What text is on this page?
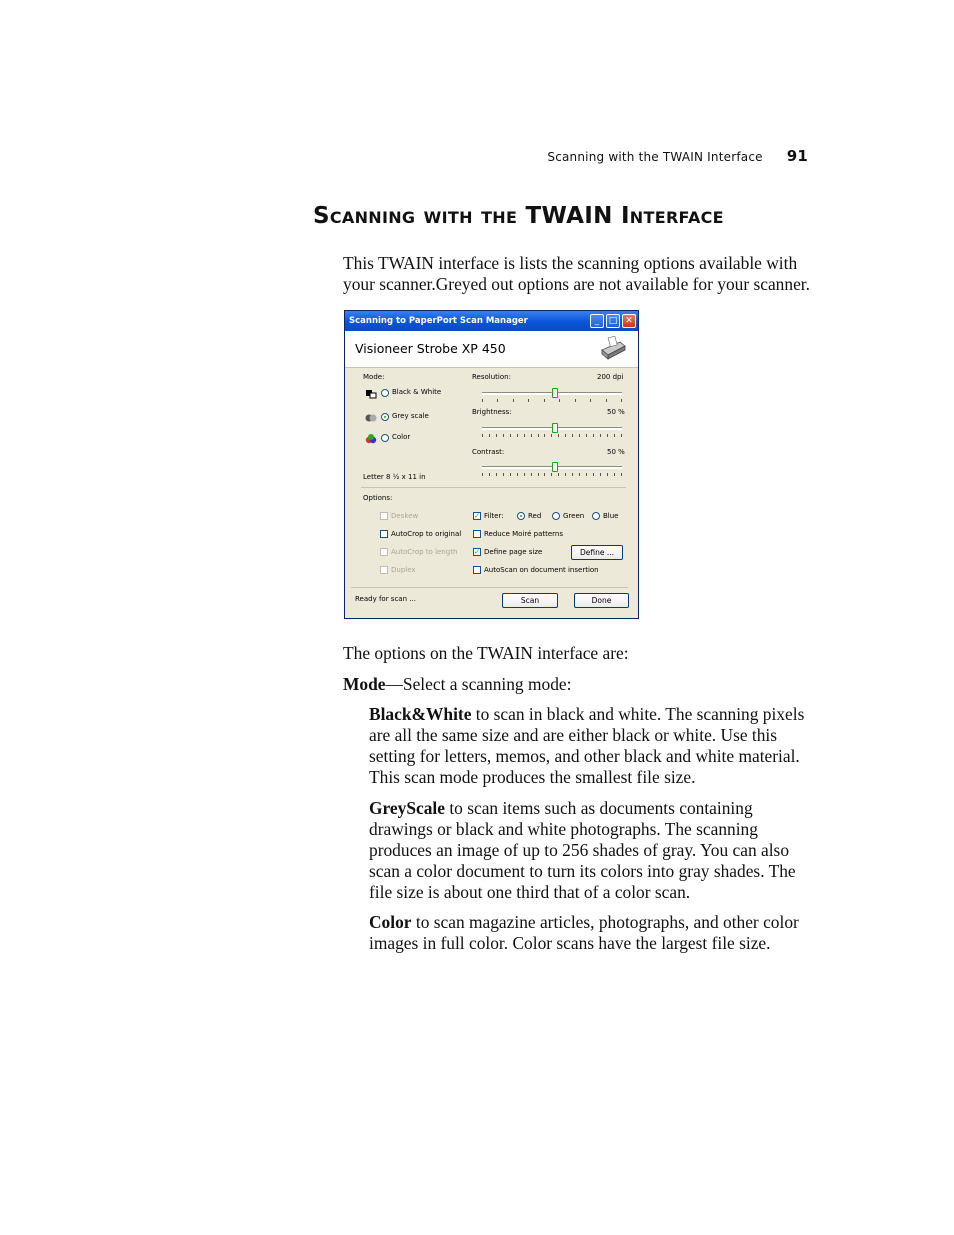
Scanning with the TWAIN Interface 91
Scanning with the TWAIN Interface

This TWAIN interface is lists the scanning options available with your scanner.Greyed out options are not available for your scanner.

Scanning to PaperPort Scan Manager	_	□ ✕
Visioneer Strobe XP 450
Mode:
Black & White
Grey scale
Color
Letter 8 ½ x 11 in
Resolution:	200 dpi
Brightness:	50 %
Contrast:	50 %
Options:
Deskew
AutoCrop to original
AutoCrop to length
Duplex
✓ Filter:	Red	Green	Blue
Reduce Moiré patterns
✓ Define page size	Define ...
AutoScan on document insertion
Ready for scan ...	Scan	Done

The options on the TWAIN interface are:

Mode—Select a scanning mode:

Black&White to scan in black and white. The scanning pixels are all the same size and are either black or white. Use this setting for letters, memos, and other black and white material. This scan mode produces the smallest file size.

GreyScale to scan items such as documents containing drawings or black and white photographs. The scanning produces an image of up to 256 shades of gray. You can also scan a color document to turn its colors into gray shades. The file size is about one third that of a color scan.

Color to scan magazine articles, photographs, and other color images in full color. Color scans have the largest file size.
